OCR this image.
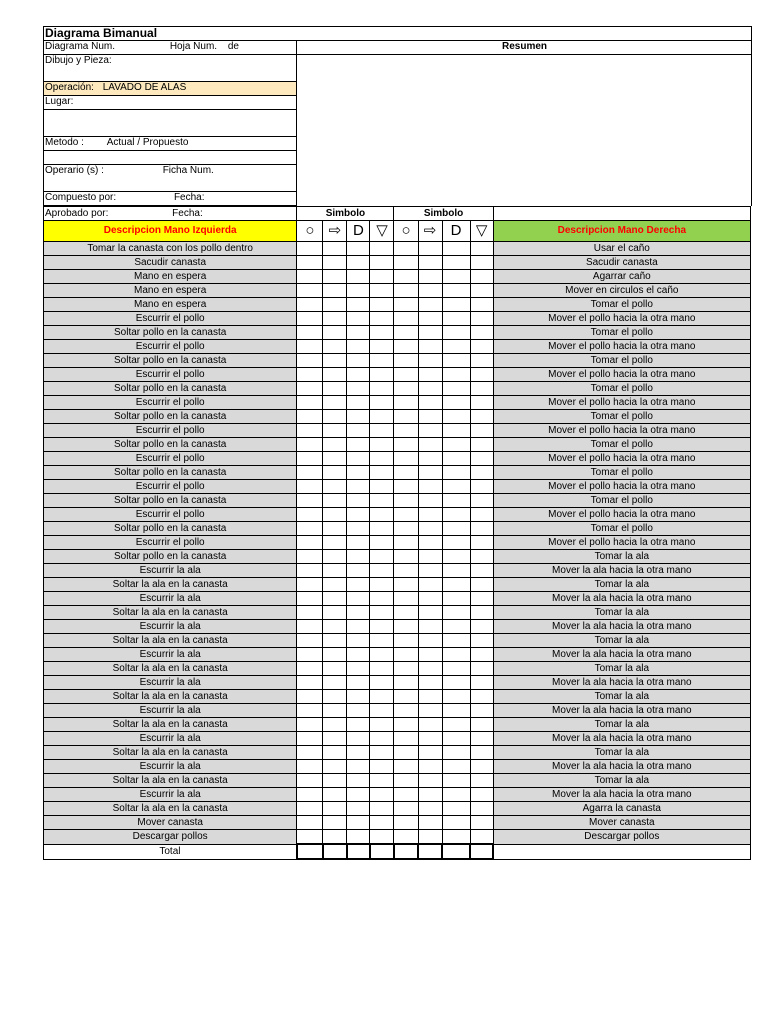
Diagrama Bimanual	
Diagrama Num. Hoja Num. de	Resumen
Dibujo y Pieza:	
Operación: LAVADO DE ALAS	
Lugar:	

Metodo : Actual / Propuesto	

Operario (s) : Ficha Num.	
Compuesto por: Fecha:	
Aprobado por: Fecha:	Simbolo				Simbolo				
Descripcion Mano Izquierda	○	⇨	D	▽	○	⇨	D	▽	Descripcion Mano Derecha
Tomar la canasta con los pollo dentro									Usar el caño
Sacudir canasta									Sacudir canasta
Mano en espera									Agarrar caño
Mano en espera									Mover en circulos el caño
Mano en espera									Tomar el pollo
Escurrir el pollo									Mover el pollo hacia la otra mano
Soltar pollo en la canasta									Tomar el pollo
Escurrir el pollo									Mover el pollo hacia la otra mano
Soltar pollo en la canasta									Tomar el pollo
Escurrir el pollo									Mover el pollo hacia la otra mano
Soltar pollo en la canasta									Tomar el pollo
Escurrir el pollo									Mover el pollo hacia la otra mano
Soltar pollo en la canasta									Tomar el pollo
Escurrir el pollo									Mover el pollo hacia la otra mano
Soltar pollo en la canasta									Tomar el pollo
Escurrir el pollo									Mover el pollo hacia la otra mano
Soltar pollo en la canasta									Tomar el pollo
Escurrir el pollo									Mover el pollo hacia la otra mano
Soltar pollo en la canasta									Tomar el pollo
Escurrir el pollo									Mover el pollo hacia la otra mano
Soltar pollo en la canasta									Tomar el pollo
Escurrir el pollo									Mover el pollo hacia la otra mano
Soltar pollo en la canasta									Tomar la ala
Escurrir la ala									Mover la ala hacia la otra mano
Soltar la ala en la canasta									Tomar la ala
Escurrir la ala									Mover la ala hacia la otra mano
Soltar la ala en la canasta									Tomar la ala
Escurrir la ala									Mover la ala hacia la otra mano
Soltar la ala en la canasta									Tomar la ala
Escurrir la ala									Mover la ala hacia la otra mano
Soltar la ala en la canasta									Tomar la ala
Escurrir la ala									Mover la ala hacia la otra mano
Soltar la ala en la canasta									Tomar la ala
Escurrir la ala									Mover la ala hacia la otra mano
Soltar la ala en la canasta									Tomar la ala
Escurrir la ala									Mover la ala hacia la otra mano
Soltar la ala en la canasta									Tomar la ala
Escurrir la ala									Mover la ala hacia la otra mano
Soltar la ala en la canasta									Tomar la ala
Escurrir la ala									Mover la ala hacia la otra mano
Soltar la ala en la canasta									Agarra la canasta
Mover canasta									Mover canasta
Descargar pollos									Descargar pollos
Total									
